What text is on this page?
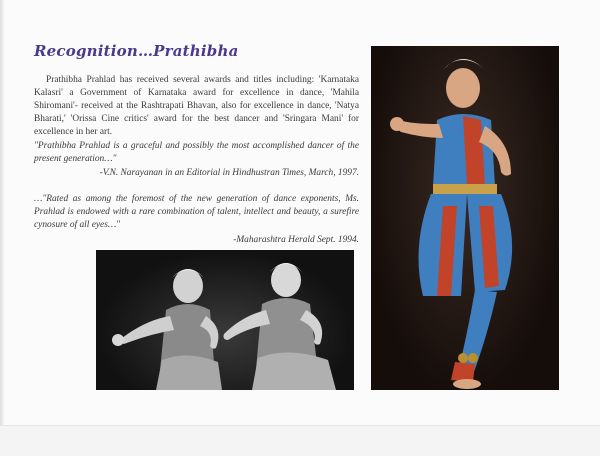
Recognition…Prathibha

Prathibha Prahlad has received several awards and titles including: 'Karnataka Kalasri' a Government of Karnataka award for excellence in dance, 'Mahila Shiromani'- received at the Rashtrapati Bhavan, also for excellence in dance, 'Natya Bharati,' 'Orissa Cine critics' award for the best dancer and 'Sringara Mani' for excellence in her art.

"Prathibha Prahlad is a graceful and possibly the most accomplished dancer of the present generation…"

-V.N. Narayanan in an Editorial in Hindhustran Times, March, 1997.

…"Rated as among the foremost of the new generation of dance exponents, Ms. Prahlad is endowed with a rare combination of talent, intellect and beauty, a surefire cynosure of all eyes…"

-Maharashtra Herald Sept. 1994.
